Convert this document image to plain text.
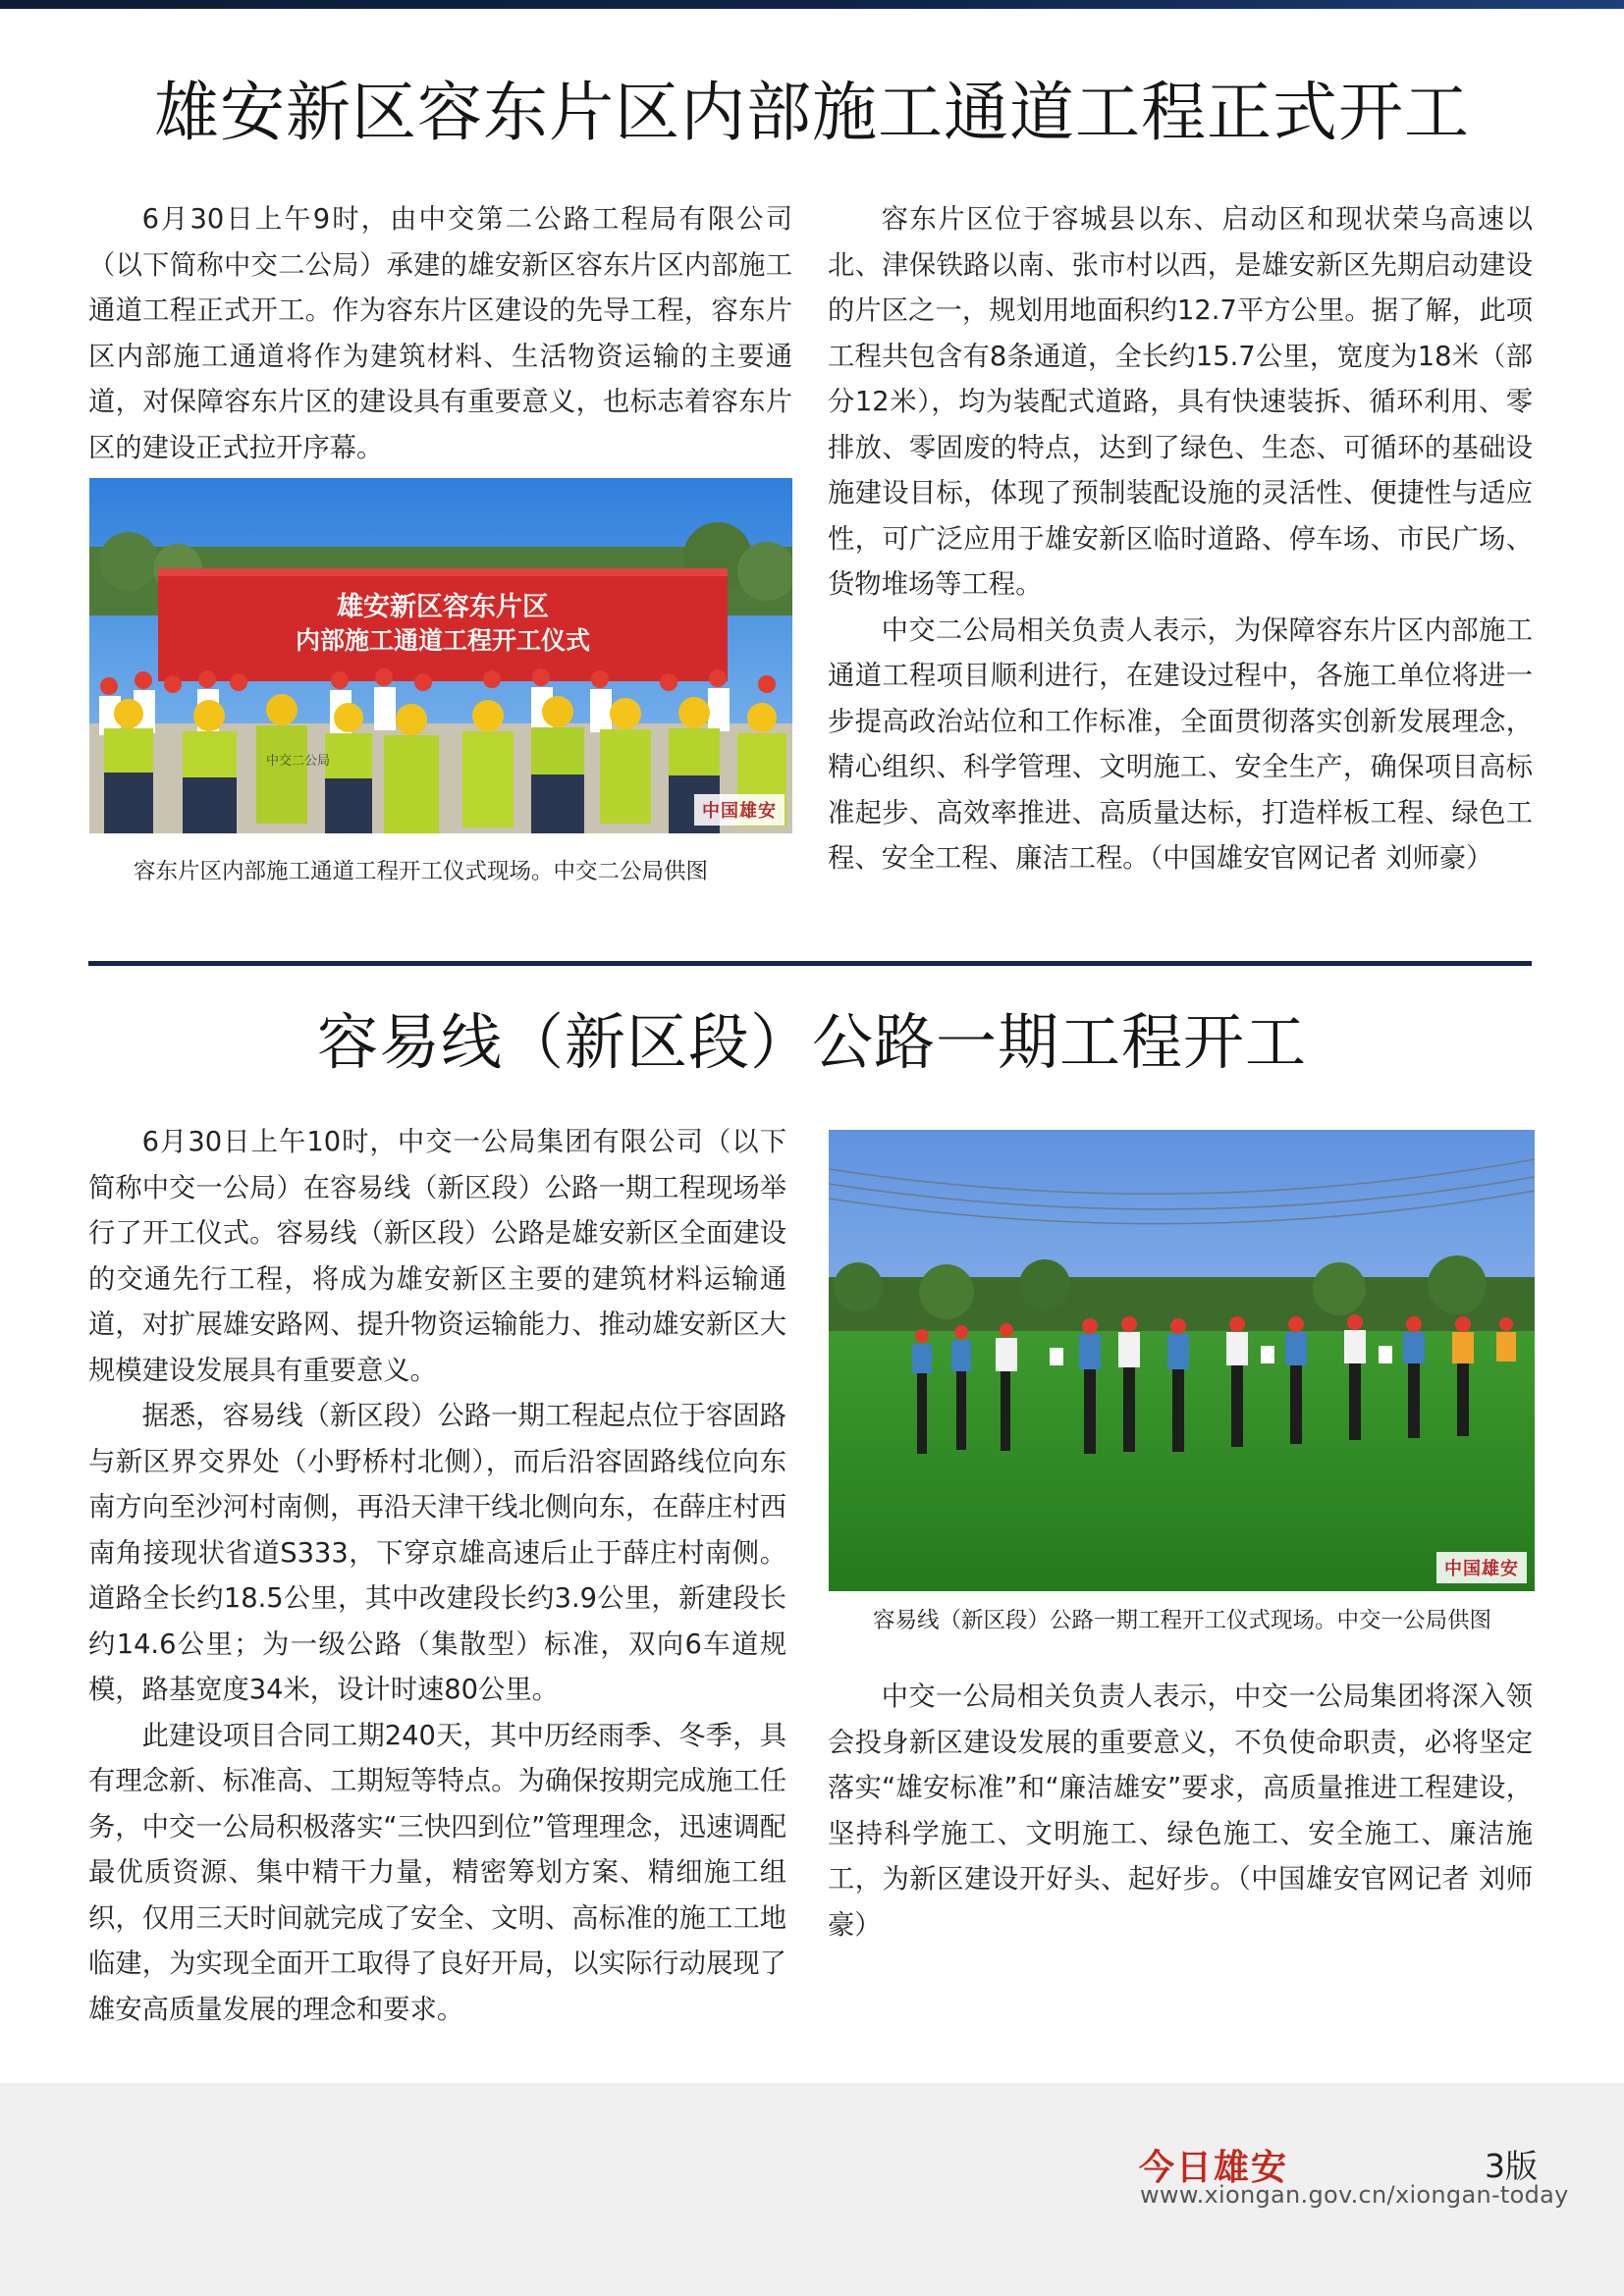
雄安新区容东片区内部施工通道工程正式开工

6月30日上午9时，由中交第二公路工程局有限公司（以下简称中交二公局）承建的雄安新区容东片区内部施工通道工程正式开工。作为容东片区建设的先导工程，容东片区内部施工通道将作为建筑材料、生活物资运输的主要通道，对保障容东片区的建设具有重要意义，也标志着容东片区的建设正式拉开序幕。

雄安新区容东片区
内部施工通道工程开工仪式
中交二公局
中国雄安

容东片区内部施工通道工程开工仪式现场。中交二公局供图

容东片区位于容城县以东、启动区和现状荣乌高速以北、津保铁路以南、张市村以西，是雄安新区先期启动建设的片区之一，规划用地面积约12.7平方公里。据了解，此项工程共包含有8条通道，全长约15.7公里，宽度为18米（部分12米），均为装配式道路，具有快速装拆、循环利用、零排放、零固废的特点，达到了绿色、生态、可循环的基础设施建设目标，体现了预制装配设施的灵活性、便捷性与适应性，可广泛应用于雄安新区临时道路、停车场、市民广场、货物堆场等工程。

中交二公局相关负责人表示，为保障容东片区内部施工通道工程项目顺利进行，在建设过程中，各施工单位将进一步提高政治站位和工作标准，全面贯彻落实创新发展理念，精心组织、科学管理、文明施工、安全生产，确保项目高标准起步、高效率推进、高质量达标，打造样板工程、绿色工程、安全工程、廉洁工程。（中国雄安官网记者 刘师豪）

容易线（新区段）公路一期工程开工

6月30日上午10时，中交一公局集团有限公司（以下简称中交一公局）在容易线（新区段）公路一期工程现场举行了开工仪式。容易线（新区段）公路是雄安新区全面建设的交通先行工程，将成为雄安新区主要的建筑材料运输通道，对扩展雄安路网、提升物资运输能力、推动雄安新区大规模建设发展具有重要意义。

据悉，容易线（新区段）公路一期工程起点位于容固路与新区界交界处（小野桥村北侧），而后沿容固路线位向东南方向至沙河村南侧，再沿天津干线北侧向东，在薛庄村西南角接现状省道S333，下穿京雄高速后止于薛庄村南侧。道路全长约18.5公里，其中改建段长约3.9公里，新建段长约14.6公里；为一级公路（集散型）标准，双向6车道规模，路基宽度34米，设计时速80公里。

此建设项目合同工期240天，其中历经雨季、冬季，具有理念新、标准高、工期短等特点。为确保按期完成施工任务，中交一公局积极落实“三快四到位”管理理念，迅速调配最优质资源、集中精干力量，精密筹划方案、精细施工组织，仅用三天时间就完成了安全、文明、高标准的施工工地临建，为实现全面开工取得了良好开局，以实际行动展现了雄安高质量发展的理念和要求。

中国雄安

容易线（新区段）公路一期工程开工仪式现场。中交一公局供图

中交一公局相关负责人表示，中交一公局集团将深入领会投身新区建设发展的重要意义，不负使命职责，必将坚定落实“雄安标准”和“廉洁雄安”要求，高质量推进工程建设，坚持科学施工、文明施工、绿色施工、安全施工、廉洁施工，为新区建设开好头、起好步。（中国雄安官网记者 刘师豪）

今日雄安	3版
www.xiongan.gov.cn/xiongan-today
